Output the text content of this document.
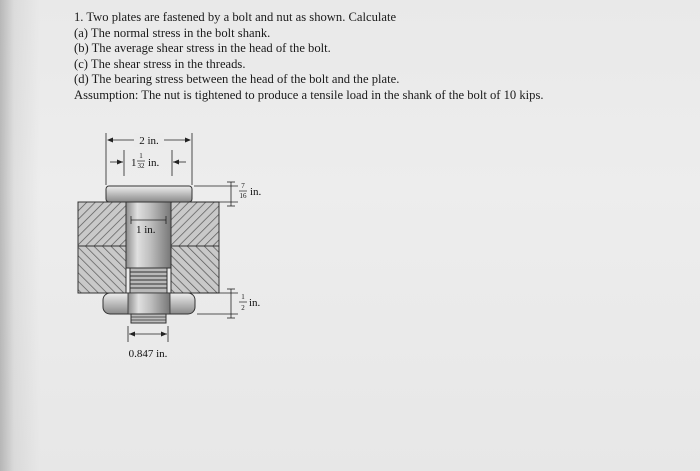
1. Two plates are fastened by a bolt and nut as shown. Calculate
(a) The normal stress in the bolt shank.
(b) The average shear stress in the head of the bolt.
(c) The shear stress in the threads.
(d) The bearing stress between the head of the bolt and the plate.
Assumption: The nut is tightened to produce a tensile load in the shank of the bolt of 10 kips.
2 in.
1
1
32 in.
1 in.
7
16 in.
1
2 in.
0.847 in.
